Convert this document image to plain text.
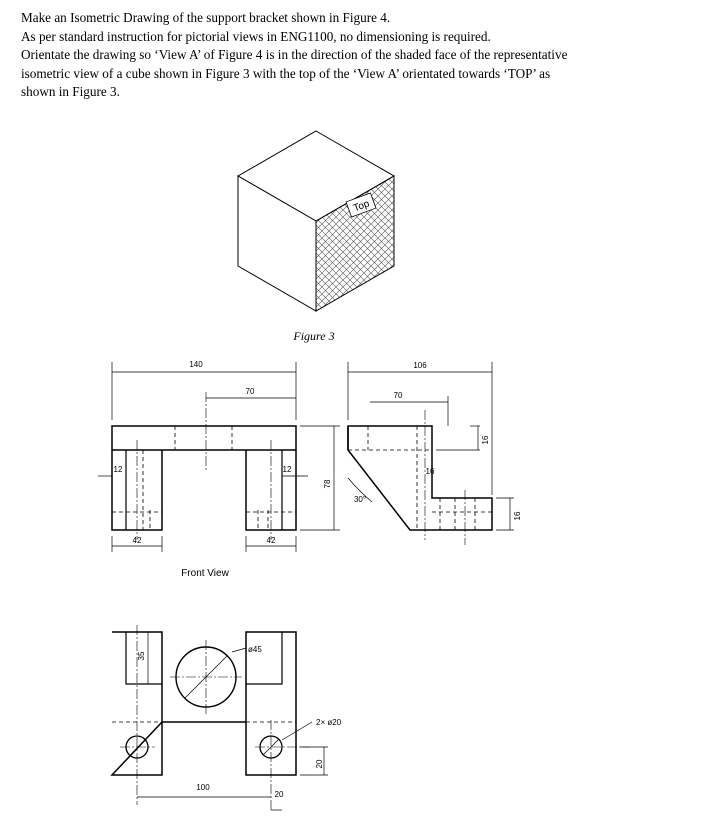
Make an Isometric Drawing of the support bracket shown in Figure 4.

As per standard instruction for pictorial views in ENG1100, no dimensioning is required.

Orientate the drawing so ‘View A’ of Figure 4 is in the direction of the shaded face of the representative

isometric view of a cube shown in Figure 3 with the top of the ‘View A’ orientated towards ‘TOP’ as

shown in Figure 3.

Top
Figure 3
140
70
12	12
42	42
78
Front View
106
70
16
16
30°
16
35
ø45
2× ø20
20
100
20
